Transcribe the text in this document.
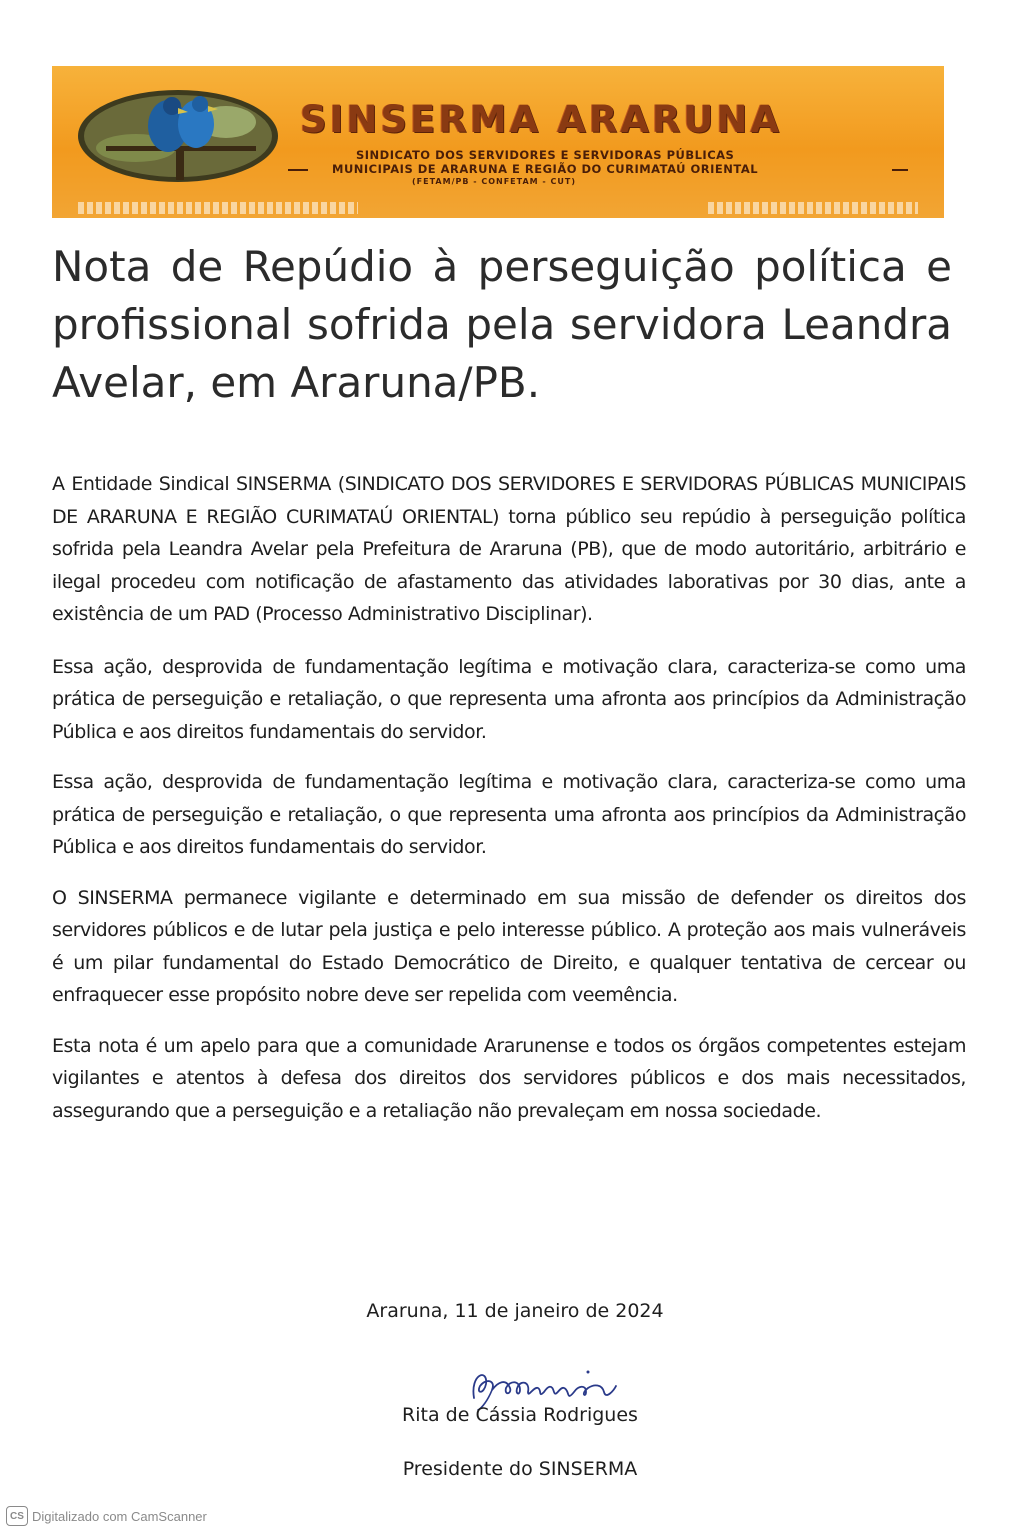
SINSERMA ARARUNA
SINDICATO DOS SERVIDORES E SERVIDORAS PÚBLICAS
MUNICIPAIS DE ARARUNA E REGIÃO DO CURIMATAÚ ORIENTAL
(FETAM/PB - CONFETAM - CUT)
Nota de Repúdio à perseguição política e profissional sofrida pela servidora Leandra Avelar, em Araruna/PB.

A Entidade Sindical SINSERMA (SINDICATO DOS SERVIDORES E SERVIDORAS PÚBLICAS MUNICIPAIS DE ARARUNA E REGIÃO CURIMATAÚ ORIENTAL) torna público seu repúdio à perseguição política sofrida pela Leandra Avelar pela Prefeitura de Araruna (PB), que de modo autoritário, arbitrário e ilegal procedeu com notificação de afastamento das atividades laborativas por 30 dias, ante a existência de um PAD (Processo Administrativo Disciplinar).

Essa ação, desprovida de fundamentação legítima e motivação clara, caracteriza-se como uma prática de perseguição e retaliação, o que representa uma afronta aos princípios da Administração Pública e aos direitos fundamentais do servidor.

Essa ação, desprovida de fundamentação legítima e motivação clara, caracteriza-se como uma prática de perseguição e retaliação, o que representa uma afronta aos princípios da Administração Pública e aos direitos fundamentais do servidor.

O SINSERMA permanece vigilante e determinado em sua missão de defender os direitos dos servidores públicos e de lutar pela justiça e pelo interesse público. A proteção aos mais vulneráveis é um pilar fundamental do Estado Democrático de Direito, e qualquer tentativa de cercear ou enfraquecer esse propósito nobre deve ser repelida com veemência.

Esta nota é um apelo para que a comunidade Ararunense e todos os órgãos competentes estejam vigilantes e atentos à defesa dos direitos dos servidores públicos e dos mais necessitados, assegurando que a perseguição e a retaliação não prevaleçam em nossa sociedade.

Araruna, 11 de janeiro de 2024
Rita de Cássia Rodrigues
Presidente do SINSERMA
CS Digitalizado com CamScanner
